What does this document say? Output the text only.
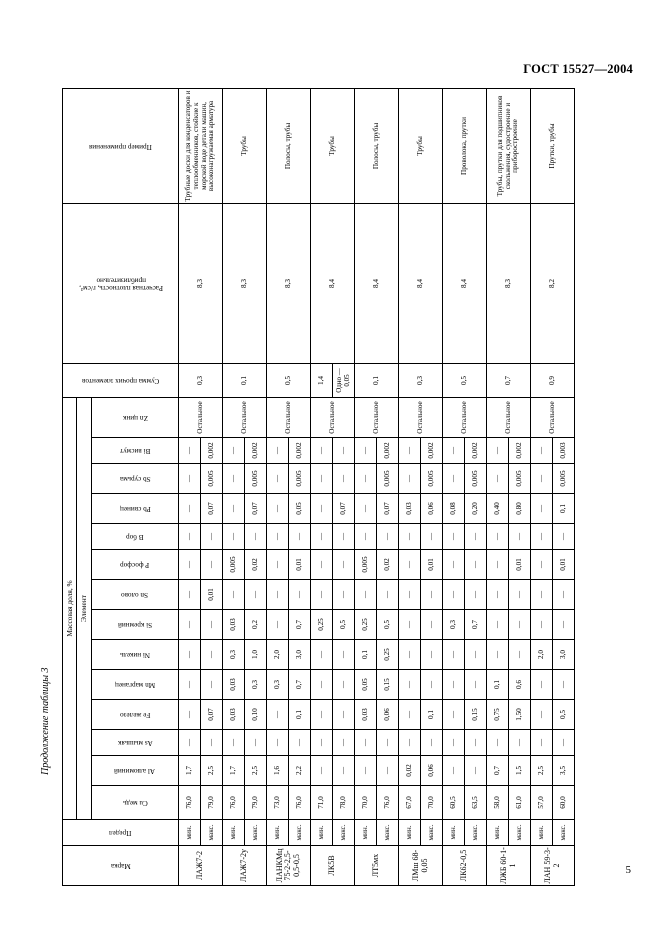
ГОСТ 15527—2004
Продолжение таблицы 3
5
Марка	Предел	Массовая доля, %														Сумма прочих элементов	Расчетная плотность, г/см³, приблизительно	Пример применения

		Элемент																

		Cu медь	Al алюминий	As мышьяк	Fe железо	Mn марганец	Ni никель	Si кремний	Sn олово	P фосфор	B бор	Pb свинец	Sb сурьма	Bi висмут	Zn цинк			

ЛАЖ7-2	мин.	76,0	1,7	—	—	—	—	—	—	—	—	—	—	—	Остальное	0,3	8,3	Трубные доски для конденсаторов и теплообменников, стойкие к морской воде детали машин, высоконагружаемая арматура
	макс.	79,0	2,5	—	0,07	—	—	—	0,01	—	—	0,07	0,005	0,002				
ЛАЖ7-2у	мин.	76,0	1,7	—	0,03	0,03	0,3	0,03	—	0,005	—	—	—	—	Остальное	0,1	8,3	Трубы
	макс.	79,0	2,5	—	0,10	0,3	1,0	0,2	—	0,02	—	0,07	0,005	0,002				
ЛАНКМц 75-2-2,5-0,5-0,5	мин.	73,0	1,6	—	—	0,3	2,0	—	—	—	—	—	—	—	Остальное	0,5	8,3	Полосы, трубы
	макс.	76,0	2,2	—	0,1	0,7	3,0	0,7	—	0,01	—	0,05	0,005	0,002				
ЛК5В	мин.	71,0	—	—	—	—	—	0,25	—	—	—	—	—	—	Остальное	1,4	8,4	Трубы
	макс.	78,0	—	—	—	—	—	0,5	—	—	—	0,07	—	—		Одно — 0,05		
ЛТ5мх	мин.	70,0	—	—	0,03	0,05	0,1	0,25	—	0,005	—	—	—	—	Остальное	0,1	8,4	Полосы, трубы
	макс.	76,0	—	—	0,06	0,15	0,25	0,5	—	0,02	—	0,07	0,005	0,002				
ЛМш 68-0,05	мин.	67,0	0,02	—	—	—	—	—	—	—	—	0,03	—	—	Остальное	0,3	8,4	Трубы
	макс.	70,0	0,06	—	0,1	—	—	—	—	0,01	—	0,06	0,005	0,002				
ЛК62-0,5	мин.	60,5	—	—	—	—	—	0,3	—	—	—	0,08	—	—	Остальное	0,5	8,4	Проволока, прутки
	макс.	63,5	—	—	0,15	—	—	0,7	—	—	—	0,20	0,005	0,002				
ЛЖБ 60-1-1	мин.	58,0	0,7	—	0,75	0,1	—	—	—	—	—	0,40	—	—	Остальное	0,7	8,3	Трубы, прутки для подшипников скольжения, судостроение и приборостроение
	макс.	61,0	1,5	—	1,50	0,6	—	—	—	0,01	—	0,80	0,005	0,002				
ЛАН 59-3-2	мин.	57,0	2,5	—	—	—	2,0	—	—	—	—	—	—	—	Остальное	0,9	8,2	Прутки, трубы
	макс.	60,0	3,5	—	0,5	—	3,0	—	—	0,01	—	0,1	0,005	0,003				
